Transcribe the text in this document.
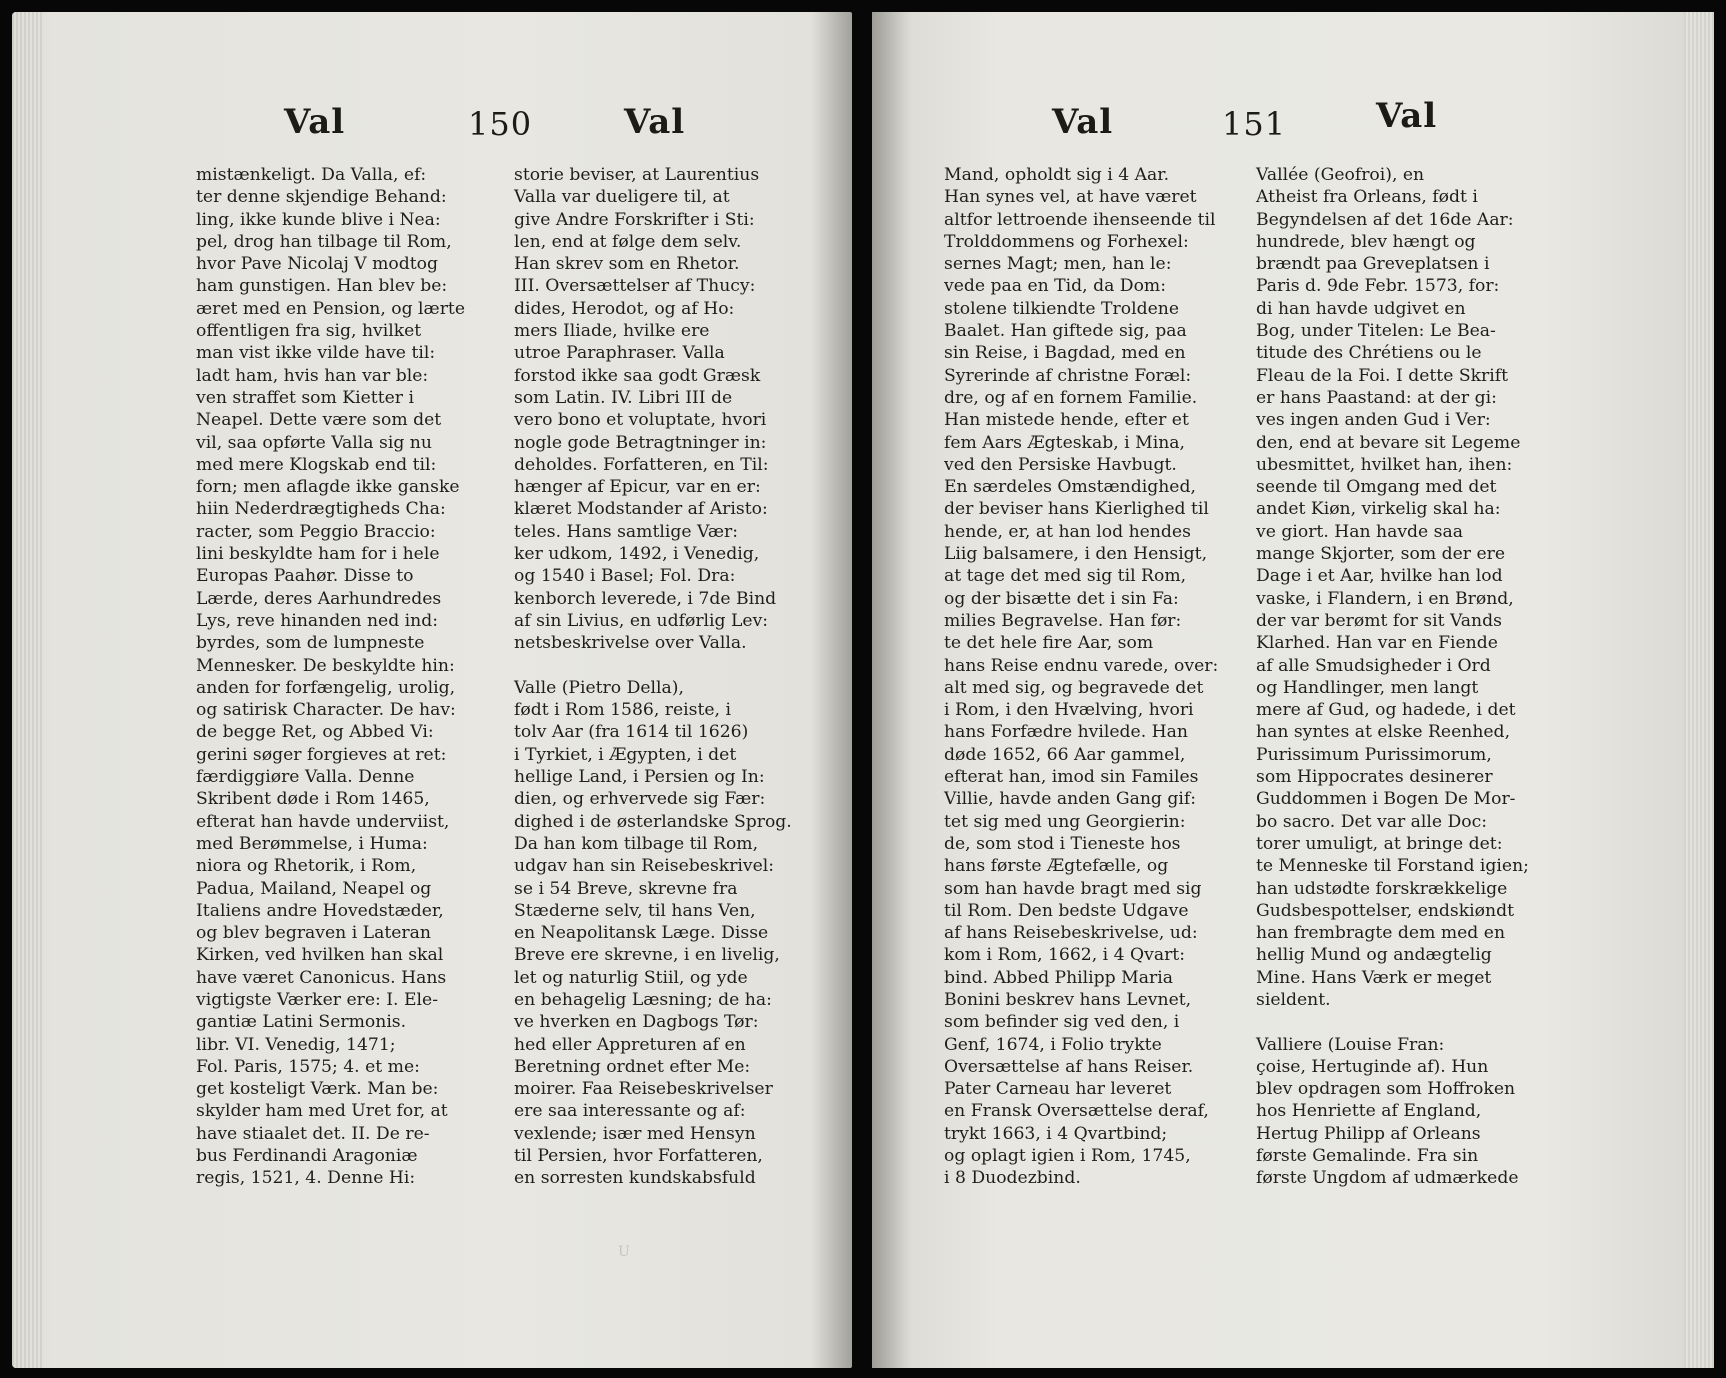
Val	150	Val
mistænkeligt. Da Valla, ef:
ter denne skjendige Behand:
ling, ikke kunde blive i Nea:
pel, drog han tilbage til Rom,
hvor Pave Nicolaj V modtog
ham gunstigen. Han blev be:
æret med en Pension, og lærte
offentligen fra sig, hvilket
man vist ikke vilde have til:
ladt ham, hvis han var ble:
ven straffet som Kietter i
Neapel. Dette være som det
vil, saa opførte Valla sig nu
med mere Klogskab end til:
forn; men aflagde ikke ganske
hiin Nederdrægtigheds Cha:
racter, som Peggio Braccio:
lini beskyldte ham for i hele
Europas Paahør. Disse to
Lærde, deres Aarhundredes
Lys, reve hinanden ned ind:
byrdes, som de lumpneste
Mennesker. De beskyldte hin:
anden for forfængelig, urolig,
og satirisk Character. De hav:
de begge Ret, og Abbed Vi:
gerini søger forgieves at ret:
færdiggiøre Valla. Denne
Skribent døde i Rom 1465,
efterat han havde underviist,
med Berømmelse, i Huma:
niora og Rhetorik, i Rom,
Padua, Mailand, Neapel og
Italiens andre Hovedstæder,
og blev begraven i Lateran
Kirken, ved hvilken han skal
have været Canonicus. Hans
vigtigste Værker ere: I. Ele-
gantiæ Latini Sermonis.
libr. VI. Venedig, 1471;
Fol. Paris, 1575; 4. et me:
get kosteligt Værk. Man be:
skylder ham med Uret for, at
have stiaalet det. II. De re-
bus Ferdinandi Aragoniæ
regis, 1521, 4. Denne Hi:
storie beviser, at Laurentius
Valla var dueligere til, at
give Andre Forskrifter i Sti:
len, end at følge dem selv.
Han skrev som en Rhetor.
III. Oversættelser af Thucy:
dides, Herodot, og af Ho:
mers Iliade, hvilke ere
utroe Paraphraser. Valla
forstod ikke saa godt Græsk
som Latin. IV. Libri III de
vero bono et voluptate, hvori
nogle gode Betragtninger in:
deholdes. Forfatteren, en Til:
hænger af Epicur, var en er:
klæret Modstander af Aristo:
teles. Hans samtlige Vær:
ker udkom, 1492, i Venedig,
og 1540 i Basel; Fol. Dra:
kenborch leverede, i 7de Bind
af sin Livius, en udførlig Lev:
netsbeskrivelse over Valla.
Valle (Pietro Della),
født i Rom 1586, reiste, i
tolv Aar (fra 1614 til 1626)
i Tyrkiet, i Ægypten, i det
hellige Land, i Persien og In:
dien, og erhvervede sig Fær:
dighed i de østerlandske Sprog.
Da han kom tilbage til Rom,
udgav han sin Reisebeskrivel:
se i 54 Breve, skrevne fra
Stæderne selv, til hans Ven,
en Neapolitansk Læge. Disse
Breve ere skrevne, i en livelig,
let og naturlig Stiil, og yde
en behagelig Læsning; de ha:
ve hverken en Dagbogs Tør:
hed eller Appreturen af en
Beretning ordnet efter Me:
moirer. Faa Reisebeskrivelser
ere saa interessante og af:
vexlende; især med Hensyn
til Persien, hvor Forfatteren,
en sorresten kundskabsfuld
U
Val	151	Val
Mand, opholdt sig i 4 Aar.
Han synes vel, at have været
altfor lettroende ihenseende til
Trolddommens og Forhexel:
sernes Magt; men, han le:
vede paa en Tid, da Dom:
stolene tilkiendte Troldene
Baalet. Han giftede sig, paa
sin Reise, i Bagdad, med en
Syrerinde af christne Foræl:
dre, og af en fornem Familie.
Han mistede hende, efter et
fem Aars Ægteskab, i Mina,
ved den Persiske Havbugt.
En særdeles Omstændighed,
der beviser hans Kierlighed til
hende, er, at han lod hendes
Liig balsamere, i den Hensigt,
at tage det med sig til Rom,
og der bisætte det i sin Fa:
milies Begravelse. Han før:
te det hele fire Aar, som
hans Reise endnu varede, over:
alt med sig, og begravede det
i Rom, i den Hvælving, hvori
hans Forfædre hvilede. Han
døde 1652, 66 Aar gammel,
efterat han, imod sin Familes
Villie, havde anden Gang gif:
tet sig med ung Georgierin:
de, som stod i Tieneste hos
hans første Ægtefælle, og
som han havde bragt med sig
til Rom. Den bedste Udgave
af hans Reisebeskrivelse, ud:
kom i Rom, 1662, i 4 Qvart:
bind. Abbed Philipp Maria
Bonini beskrev hans Levnet,
som befinder sig ved den, i
Genf, 1674, i Folio trykte
Oversættelse af hans Reiser.
Pater Carneau har leveret
en Fransk Oversættelse deraf,
trykt 1663, i 4 Qvartbind;
og oplagt igien i Rom, 1745,
i 8 Duodezbind.
Vallée (Geofroi), en
Atheist fra Orleans, født i
Begyndelsen af det 16de Aar:
hundrede, blev hængt og
brændt paa Greveplatsen i
Paris d. 9de Febr. 1573, for:
di han havde udgivet en
Bog, under Titelen: Le Bea-
titude des Chrétiens ou le
Fleau de la Foi. I dette Skrift
er hans Paastand: at der gi:
ves ingen anden Gud i Ver:
den, end at bevare sit Legeme
ubesmittet, hvilket han, ihen:
seende til Omgang med det
andet Kiøn, virkelig skal ha:
ve giort. Han havde saa
mange Skjorter, som der ere
Dage i et Aar, hvilke han lod
vaske, i Flandern, i en Brønd,
der var berømt for sit Vands
Klarhed. Han var en Fiende
af alle Smudsigheder i Ord
og Handlinger, men langt
mere af Gud, og hadede, i det
han syntes at elske Reenhed,
Purissimum Purissimorum,
som Hippocrates desinerer
Guddommen i Bogen De Mor-
bo sacro. Det var alle Doc:
torer umuligt, at bringe det:
te Menneske til Forstand igien;
han udstødte forskrækkelige
Gudsbespottelser, endskiøndt
han frembragte dem med en
hellig Mund og andægtelig
Mine. Hans Værk er meget
sieldent.
Valliere (Louise Fran:
çoise, Hertuginde af). Hun
blev opdragen som Hoffroken
hos Henriette af England,
Hertug Philipp af Orleans
første Gemalinde. Fra sin
første Ungdom af udmærkede
